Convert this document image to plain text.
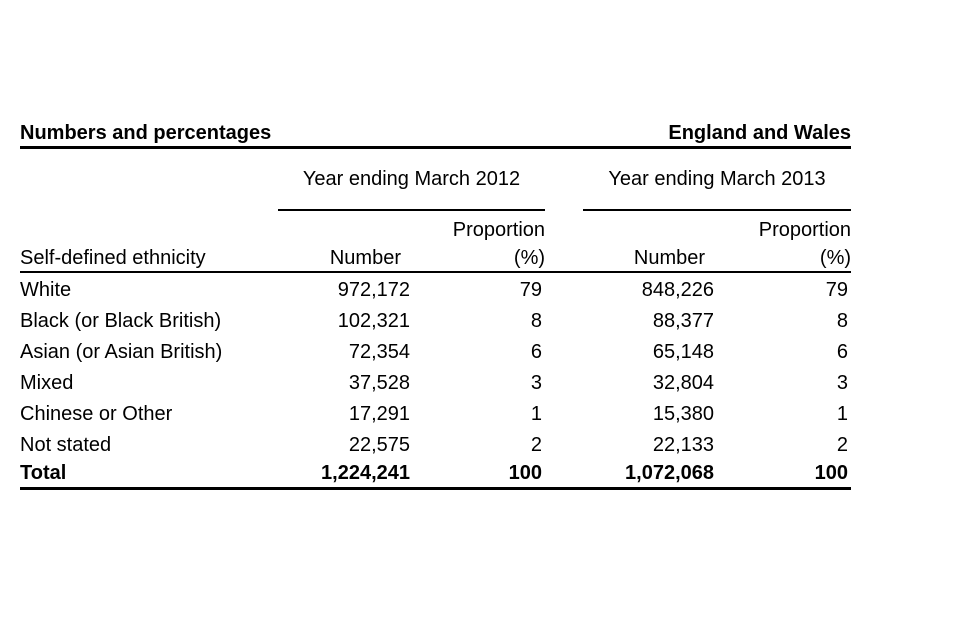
Numbers and percentages	England and Wales
	Year ending March 2012			Year ending March 2013	
		Proportion			Proportion
Self-defined ethnicity	Number	(%)		Number	(%)
White	972,172	79		848,226	79
Black (or Black British)	102,321	8		88,377	8
Asian (or Asian British)	72,354	6		65,148	6
Mixed	37,528	3		32,804	3
Chinese or Other	17,291	1		15,380	1
Not stated	22,575	2		22,133	2
Total	1,224,241	100		1,072,068	100
